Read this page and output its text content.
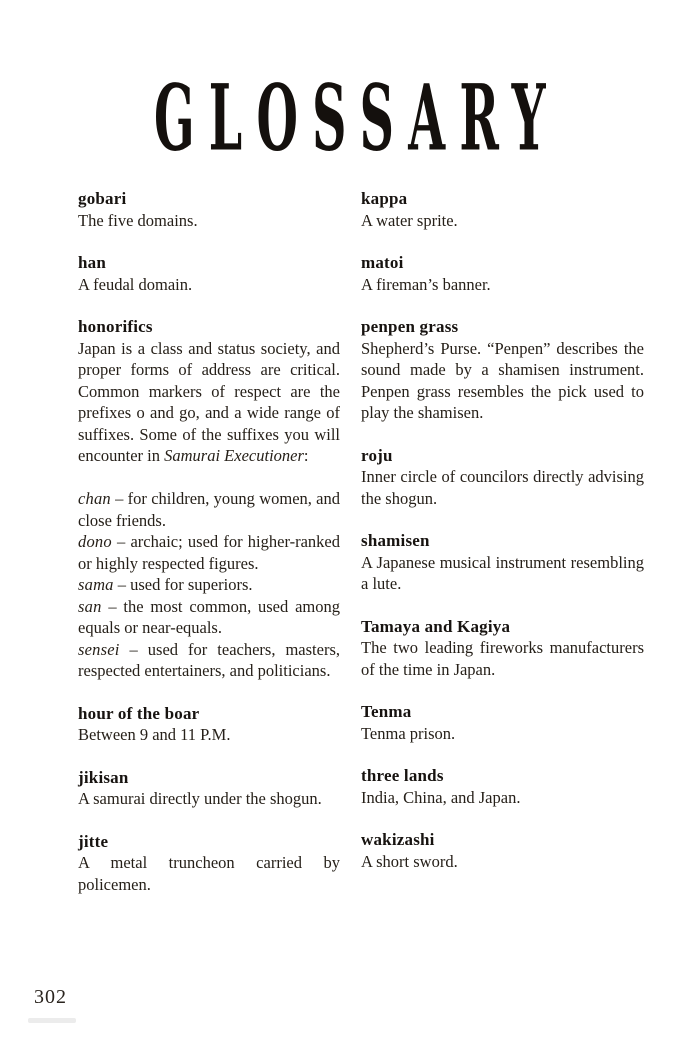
GLOSSARY
gobari

The five domains.

han

A feudal domain.

honorifics

Japan is a class and status society, and proper forms of address are critical. Common markers of respect are the prefixes o and go, and a wide range of suffixes. Some of the suffixes you will encounter in Samurai Executioner:

chan – for children, young women, and close friends.

dono – archaic; used for higher-ranked or highly respected figures.

sama – used for superiors.

san – the most common, used among equals or near-equals.

sensei – used for teachers, masters, respected entertainers, and politicians.

hour of the boar

Between 9 and 11 P.M.

jikisan

A samurai directly under the shogun.

jitte

A metal truncheon carried by policemen.

kappa

A water sprite.

matoi

A fireman’s banner.

penpen grass

Shepherd’s Purse. “Penpen” describes the sound made by a shamisen instrument. Penpen grass resembles the pick used to play the shamisen.

roju

Inner circle of councilors directly advising the shogun.

shamisen

A Japanese musical instrument resembling a lute.

Tamaya and Kagiya

The two leading fireworks manufacturers of the time in Japan.

Tenma

Tenma prison.

three lands

India, China, and Japan.

wakizashi

A short sword.

302
